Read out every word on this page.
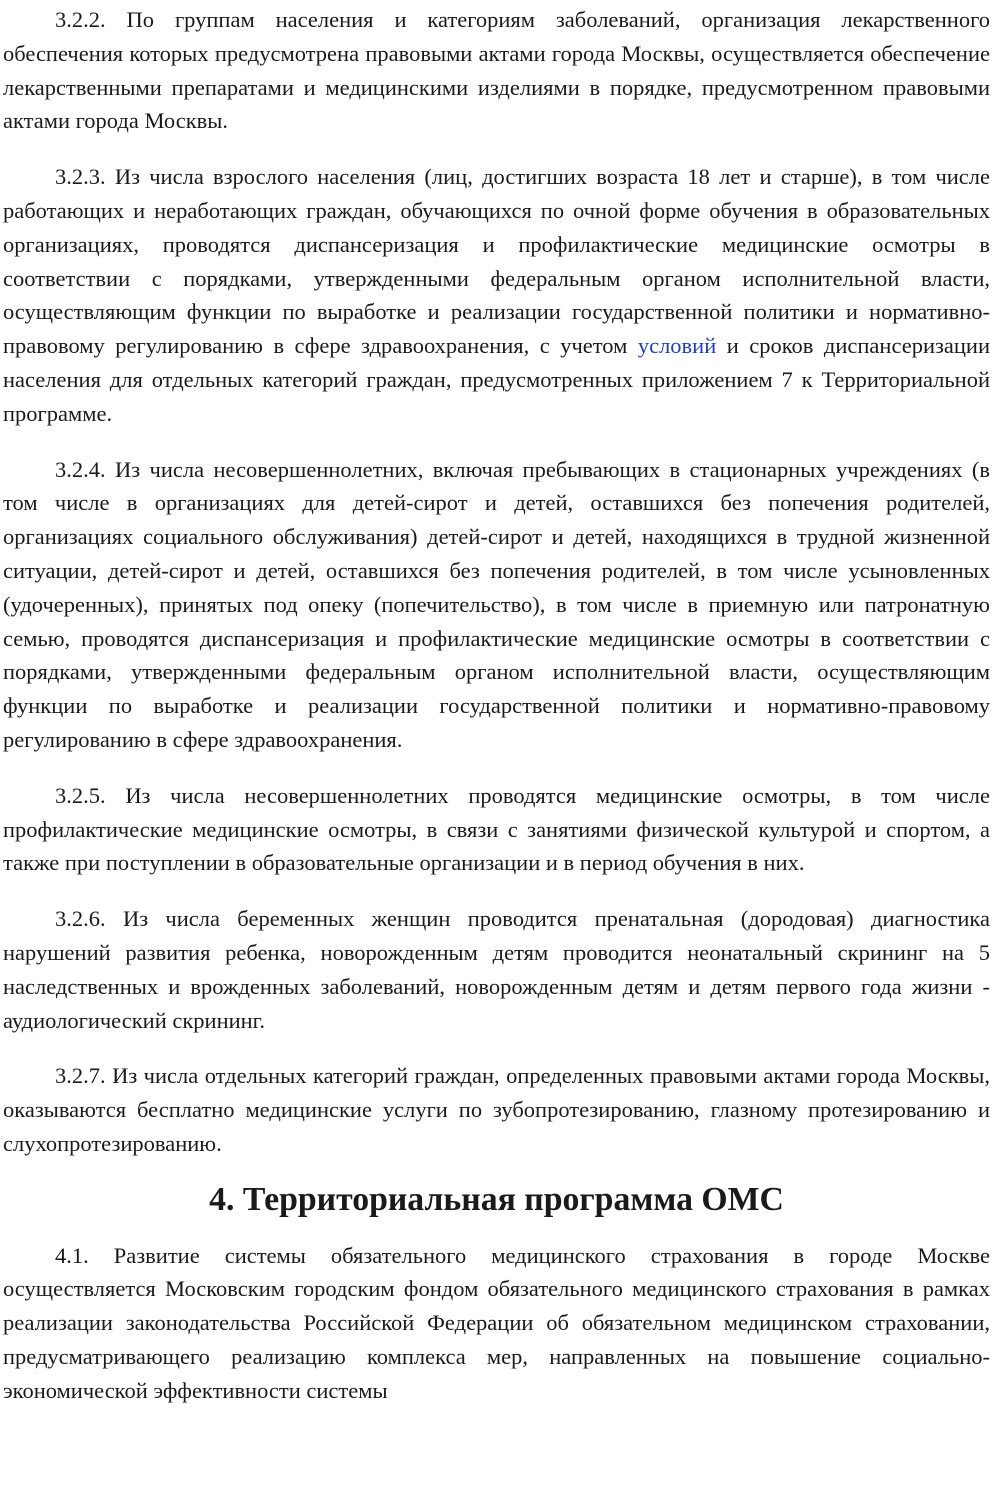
3.2.2. По группам населения и категориям заболеваний, организация лекарственного обеспечения которых предусмотрена правовыми актами города Москвы, осуществляется обеспечение лекарственными препаратами и медицинскими изделиями в порядке, предусмотренном правовыми актами города Москвы.

3.2.3. Из числа взрослого населения (лиц, достигших возраста 18 лет и старше), в том числе работающих и неработающих граждан, обучающихся по очной форме обучения в образовательных организациях, проводятся диспансеризация и профилактические медицинские осмотры в соответствии с порядками, утвержденными федеральным органом исполнительной власти, осуществляющим функции по выработке и реализации государственной политики и нормативно-правовому регулированию в сфере здравоохранения, с учетом условий и сроков диспансеризации населения для отдельных категорий граждан, предусмотренных приложением 7 к Территориальной программе.

3.2.4. Из числа несовершеннолетних, включая пребывающих в стационарных учреждениях (в том числе в организациях для детей-сирот и детей, оставшихся без попечения родителей, организациях социального обслуживания) детей-сирот и детей, находящихся в трудной жизненной ситуации, детей-сирот и детей, оставшихся без попечения родителей, в том числе усыновленных (удочеренных), принятых под опеку (попечительство), в том числе в приемную или патронатную семью, проводятся диспансеризация и профилактические медицинские осмотры в соответствии с порядками, утвержденными федеральным органом исполнительной власти, осуществляющим функции по выработке и реализации государственной политики и нормативно-правовому регулированию в сфере здравоохранения.

3.2.5. Из числа несовершеннолетних проводятся медицинские осмотры, в том числе профилактические медицинские осмотры, в связи с занятиями физической культурой и спортом, а также при поступлении в образовательные организации и в период обучения в них.

3.2.6. Из числа беременных женщин проводится пренатальная (дородовая) диагностика нарушений развития ребенка, новорожденным детям проводится неонатальный скрининг на 5 наследственных и врожденных заболеваний, новорожденным детям и детям первого года жизни - аудиологический скрининг.

3.2.7. Из числа отдельных категорий граждан, определенных правовыми актами города Москвы, оказываются бесплатно медицинские услуги по зубопротезированию, глазному протезированию и слухопротезированию.

4. Территориальная программа ОМС

4.1. Развитие системы обязательного медицинского страхования в городе Москве осуществляется Московским городским фондом обязательного медицинского страхования в рамках реализации законодательства Российской Федерации об обязательном медицинском страховании, предусматривающего реализацию комплекса мер, направленных на повышение социально-экономической эффективности системы
